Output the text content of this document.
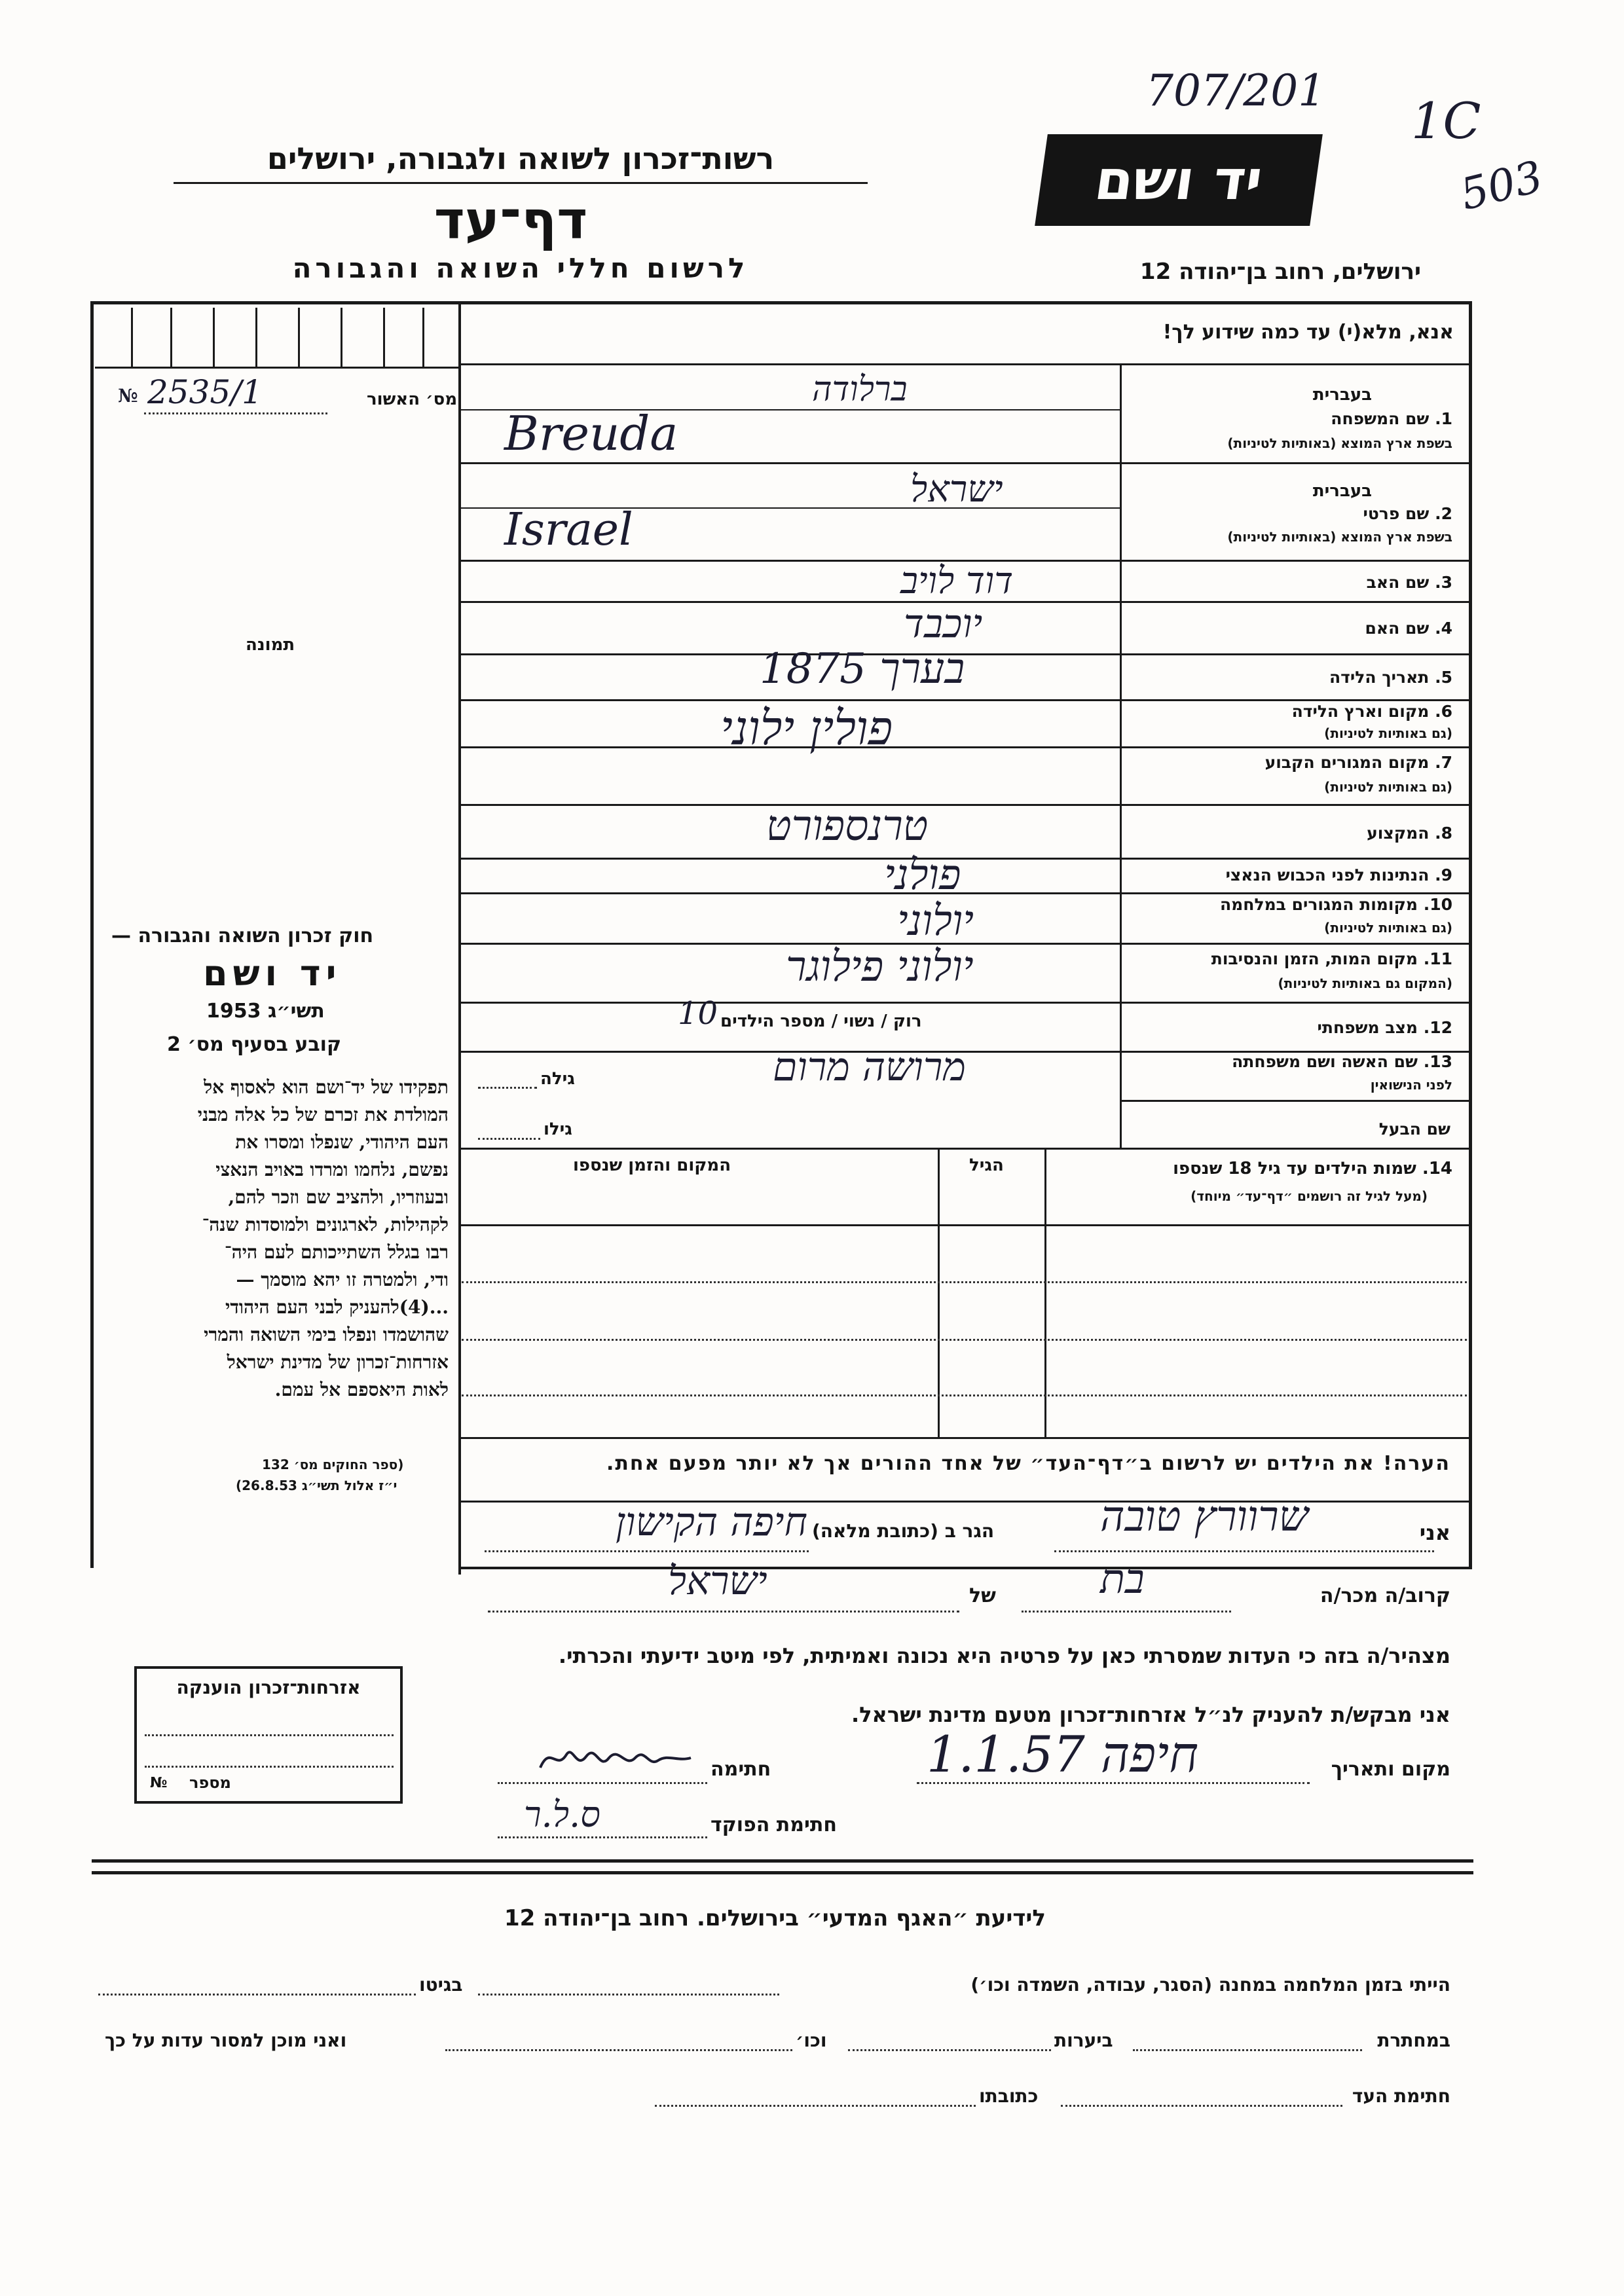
707/201
1C
503
יד ושם
רשות־זכרון לשואה ולגבורה, ירושלים
דף־עד
לרשום חללי השואה והגבורה	ירושלים, רחוב בן־יהודה 12
מס׳ האשור
№ 2535/1
תמונה
חוק זכרון השואה והגבורה —
יד ושם
תשי״ג 1953
קובע בסעיף מס׳ 2
תפקידו של יד־ושם הוא לאסוף אל
המולדת את זכרם של כל אלה מבני
העם היהודי, שנפלו ומסרו את
נפשם, נלחמו ומרדו באויב הנאצי
ובעוזריו, ולהציב שם וזכר להם,
לקהילות, לארגונים ולמוסדות שנה־
רבו בגלל השתייכותם לעם היה־
ודי, ולמטרה זו יהא מוסמך —
...(4)להעניק לבני העם היהודי
שהושמדו ונפלו בימי השואה והמרי
אזרחות־זכרון של מדינת ישראל
לאות היאספם אל עמם.
(ספר החוקים מס׳ 132
י״ז אלול תשי״ג 26.8.53)
אנא, מלא(י) עד כמה שידוע לך!
בעברית
1. שם המשפחה
בשפת ארץ המוצא (באותיות לטיניות)
בעברית
2. שם פרטי
בשפת ארץ המוצא (באותיות לטיניות)
3. שם האב
4. שם האם
5. תאריך הלידה
6. מקום וארץ הלידה
(גם באותיות לטיניות)
7. מקום המגורים הקבוע
(גם באותיות לטיניות)
8. המקצוע
9. הנתינות לפני הכבוש הנאצי
10. מקומות המגורים במלחמה
(גם באותיות לטיניות)
11. מקום המות, הזמן והנסיבות
(המקום גם באותיות לטיניות)
12. מצב משפחתי
13. שם האשה ושם משפחתה
לפני הנישואין
שם הבעל
ברלודה
Breuda
ישראל
Israel
דוד לויב
יוכבד
בערך 1875
פולין ילוני
טרנספורט
פולני
יולוני
יולוני פילוגר
רוק / נשוי / מספר הילדים
10
מרושה מרום
גילה
גילו
14. שמות הילדים עד גיל 18 שנספו
(מעל לגיל זה רושמים ״דף־עד״ מיוחד)
הגיל
המקום והזמן שנספו
הערה! את הילדים יש לרשום ב״דף־העד״ של אחד ההורים אך לא יותר מפעם אחת.
אני
שרוורץ טובה
הגר ב (כתובת מלאה)
חיפה הקישון
קרוב/ה מכר/ה
בת
של
ישראל
מצהיר/ה בזה כי העדות שמסרתי כאן על פרטיה היא נכונה ואמיתית, לפי מיטב ידיעתי והכרתי.
אני מבקש/ת להעניק לנ״ל אזרחות־זכרון מטעם מדינת ישראל.
מקום ותאריך
חיפה 1.1.57
חתימה
חתימת הפוקד
ס.ל.ר
אזרחות־זכרון הוענקה
מספר
№
לידיעת ״האגף המדעי״ בירושלים. רחוב בן־יהודה 12
הייתי בזמן המלחמה במחנה (הסגר, עבודה, השמדה וכו׳)
בגיטו
במחתרת
ביערות
וכו׳
ואני מוכן למסור עדות על כך
חתימת העד
כתובתו
